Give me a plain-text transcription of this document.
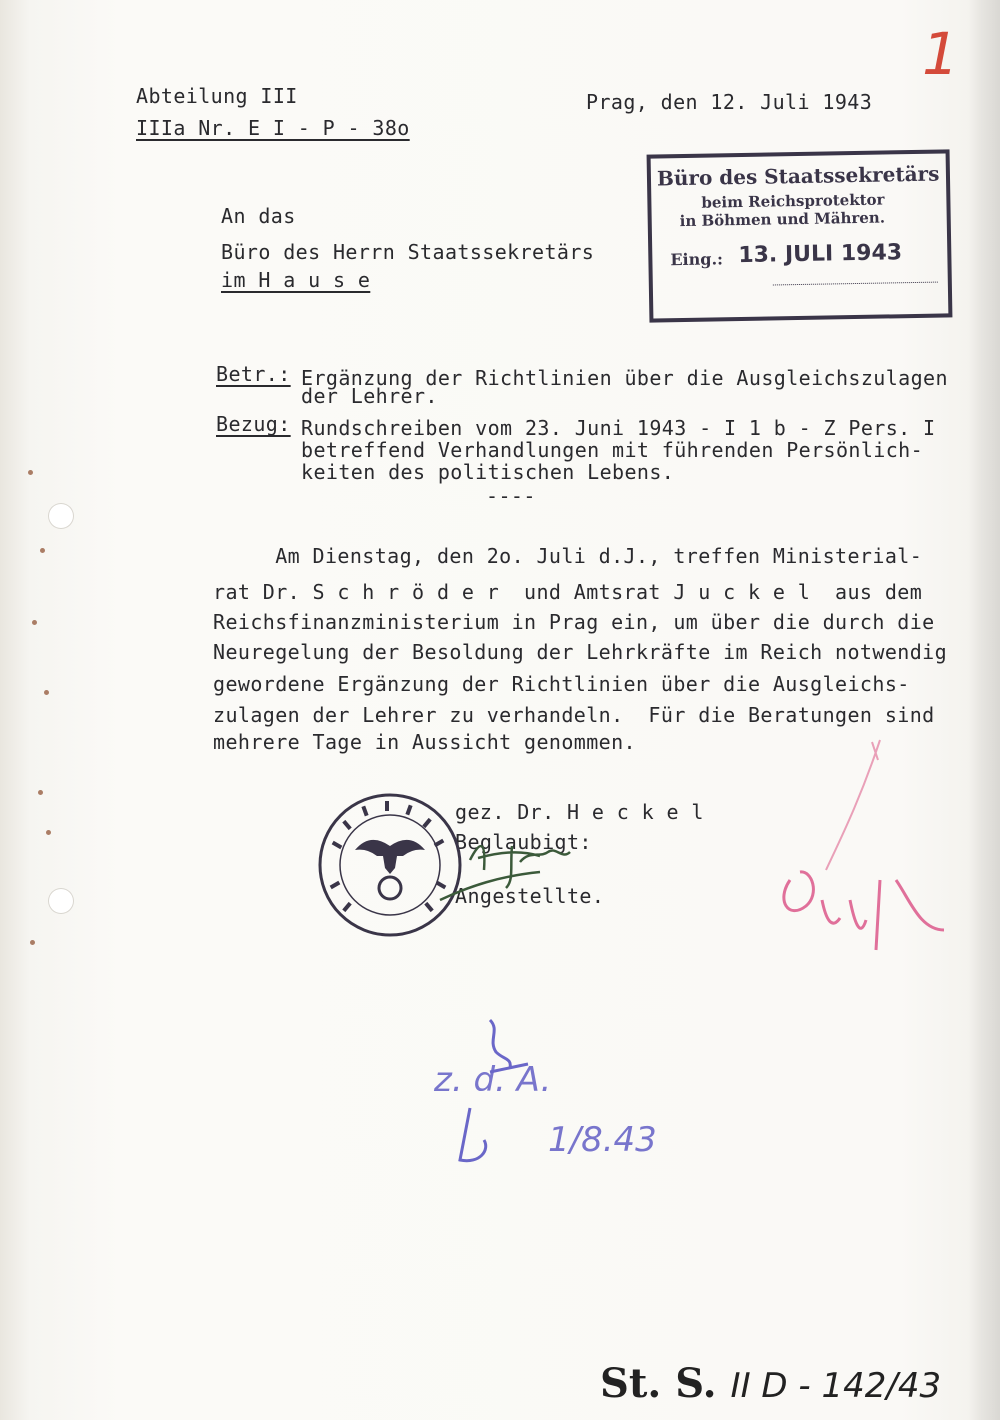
1
Abteilung III
IIIa Nr. E I - P - 38o
Prag, den 12. Juli 1943
Büro des Staatssekretärs
beim Reichsprotektor
in Böhmen und Mähren.
Eing.: 13. JULI 1943
An das
Büro des Herrn Staatssekretärs
im H a u s e
Betr.: Ergänzung der Richtlinien über die Ausgleichszulagen
der Lehrer.
Bezug: Rundschreiben vom 23. Juni 1943 - I 1 b - Z Pers. I
betreffend Verhandlungen mit führenden Persönlich-
keiten des politischen Lebens.
----
Am Dienstag, den 2o. Juli d.J., treffen Ministerial-
rat Dr. S c h r ö d e r  und Amtsrat J u c k e l  aus dem
Reichsfinanzministerium in Prag ein, um über die durch die
Neuregelung der Besoldung der Lehrkräfte im Reich notwendig
gewordene Ergänzung der Richtlinien über die Ausgleichs-
zulagen der Lehrer zu verhandeln.  Für die Beratungen sind
mehrere Tage in Aussicht genommen.
gez. Dr. H e c k e l
Beglaubigt:
Angestellte.
z. d. A.
1/8.43
St. S. II D - 142/43
